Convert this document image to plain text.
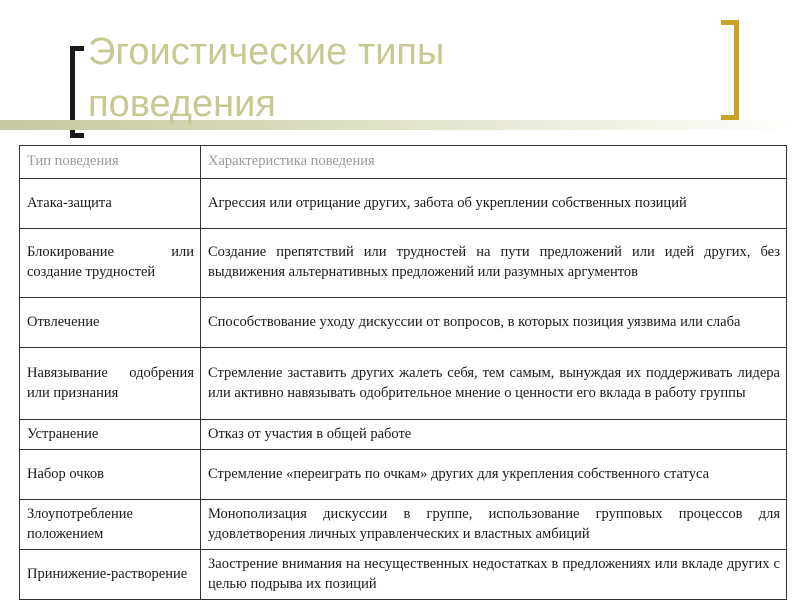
Эгоистические типы
поведения
Тип поведения	Характеристика поведения
Атака-защита	Агрессия или отрицание других, забота об укреплении собственных позиций
Блокирование или создание трудностей	Создание препятствий или трудностей на пути предложений или идей других, без выдвижения альтернативных предложений или разумных аргументов
Отвлечение	Способствование уходу дискуссии от вопросов, в которых позиция уязвима или слаба
Навязывание одобрения или признания	Стремление заставить других жалеть себя, тем самым, вынуждая их поддерживать лидера или активно навязывать одобрительное мнение о ценности его вклада в работу группы
Устранение	Отказ от участия в общей работе
Набор очков	Стремление «переиграть по очкам» других для укрепления собственного статуса
Злоупотребление положением	Монополизация дискуссии в группе, использование групповых процессов для удовлетворения личных управленческих и властных амбиций
Принижение-растворение	Заострение внимания на несущественных недостатках в предложениях или вкладе других с целью подрыва их позиций
